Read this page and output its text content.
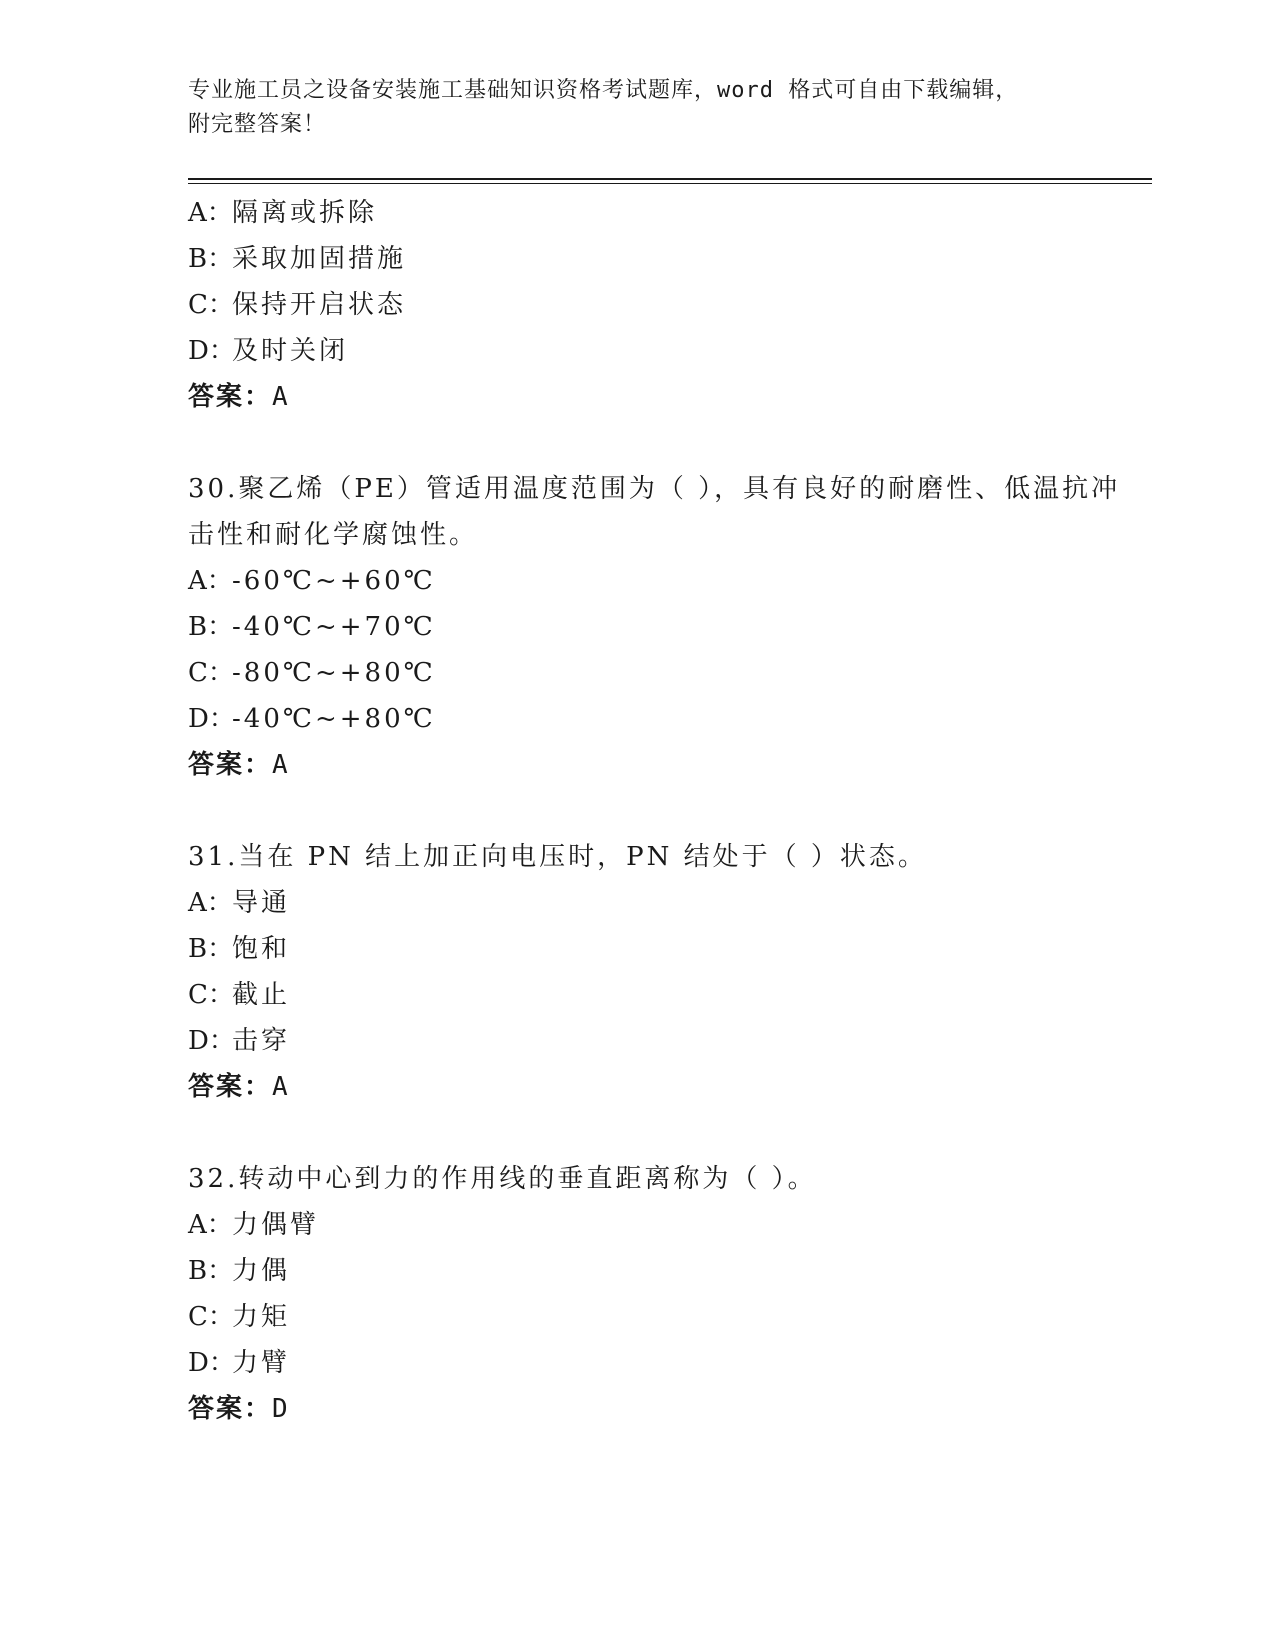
专业施工员之设备安装施工基础知识资格考试题库，word 格式可自由下载编辑，
附完整答案！
A：隔离或拆除
B：采取加固措施
C：保持开启状态
D：及时关闭
答案：A
30.聚乙烯（PE）管适用温度范围为（ ），具有良好的耐磨性、低温抗冲击性和耐化学腐蚀性。
A：-60℃~+60℃
B：-40℃~+70℃
C：-80℃~+80℃
D：-40℃~+80℃
答案：A
31.当在 PN 结上加正向电压时，PN 结处于（ ）状态。
A：导通
B：饱和
C：截止
D：击穿
答案：A
32.转动中心到力的作用线的垂直距离称为（ ）。
A：力偶臂
B：力偶
C：力矩
D：力臂
答案：D
